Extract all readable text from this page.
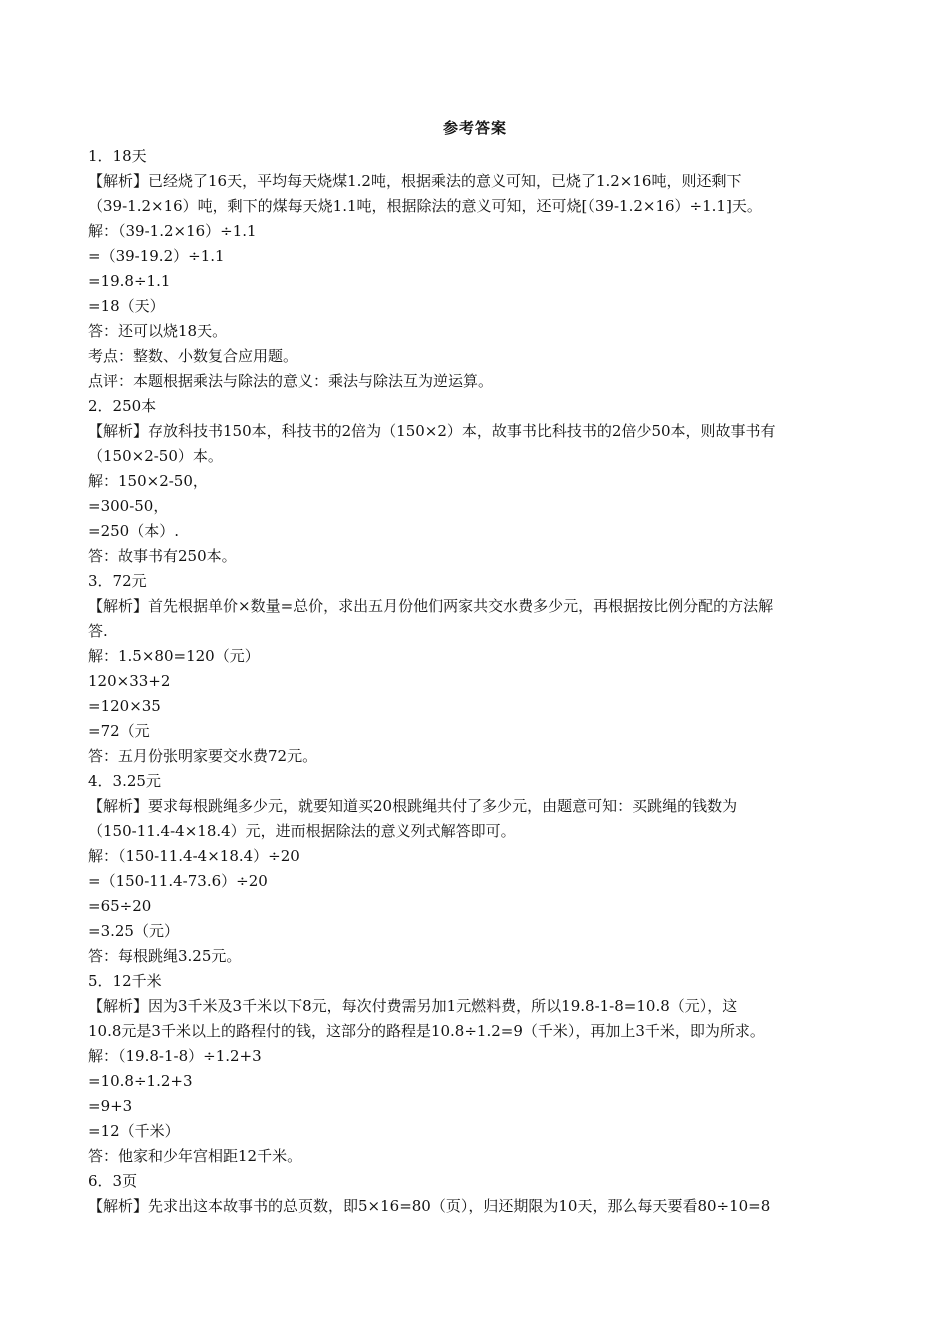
参考答案
1．18天
【解析】已经烧了16天，平均每天烧煤1.2吨，根据乘法的意义可知，已烧了1.2×16吨，则还剩下
（39-1.2×16）吨，剩下的煤每天烧1.1吨，根据除法的意义可知，还可烧[（39-1.2×16）÷1.1]天。
解：（39-1.2×16）÷1.1
=（39-19.2）÷1.1
=19.8÷1.1
=18（天）
答：还可以烧18天。
考点：整数、小数复合应用题。
点评：本题根据乘法与除法的意义：乘法与除法互为逆运算。
2．250本
【解析】存放科技书150本，科技书的2倍为（150×2）本，故事书比科技书的2倍少50本，则故事书有
（150×2-50）本。
解：150×2-50，
=300-50，
=250（本）.
答：故事书有250本。
3．72元
【解析】首先根据单价×数量=总价，求出五月份他们两家共交水费多少元，再根据按比例分配的方法解
答.
解：1.5×80=120（元）
120×33+2
=120×35
=72（元
答：五月份张明家要交水费72元。
4．3.25元
【解析】要求每根跳绳多少元，就要知道买20根跳绳共付了多少元，由题意可知：买跳绳的钱数为
（150-11.4-4×18.4）元，进而根据除法的意义列式解答即可。
解：（150-11.4-4×18.4）÷20
=（150-11.4-73.6）÷20
=65÷20
=3.25（元）
答：每根跳绳3.25元。
5．12千米
【解析】因为3千米及3千米以下8元，每次付费需另加1元燃料费，所以19.8-1-8=10.8（元），这
10.8元是3千米以上的路程付的钱，这部分的路程是10.8÷1.2=9（千米），再加上3千米，即为所求。
解：（19.8-1-8）÷1.2+3
=10.8÷1.2+3
=9+3
=12（千米）
答：他家和少年宫相距12千米。
6．3页
【解析】先求出这本故事书的总页数，即5×16=80（页），归还期限为10天，那么每天要看80÷10=8
